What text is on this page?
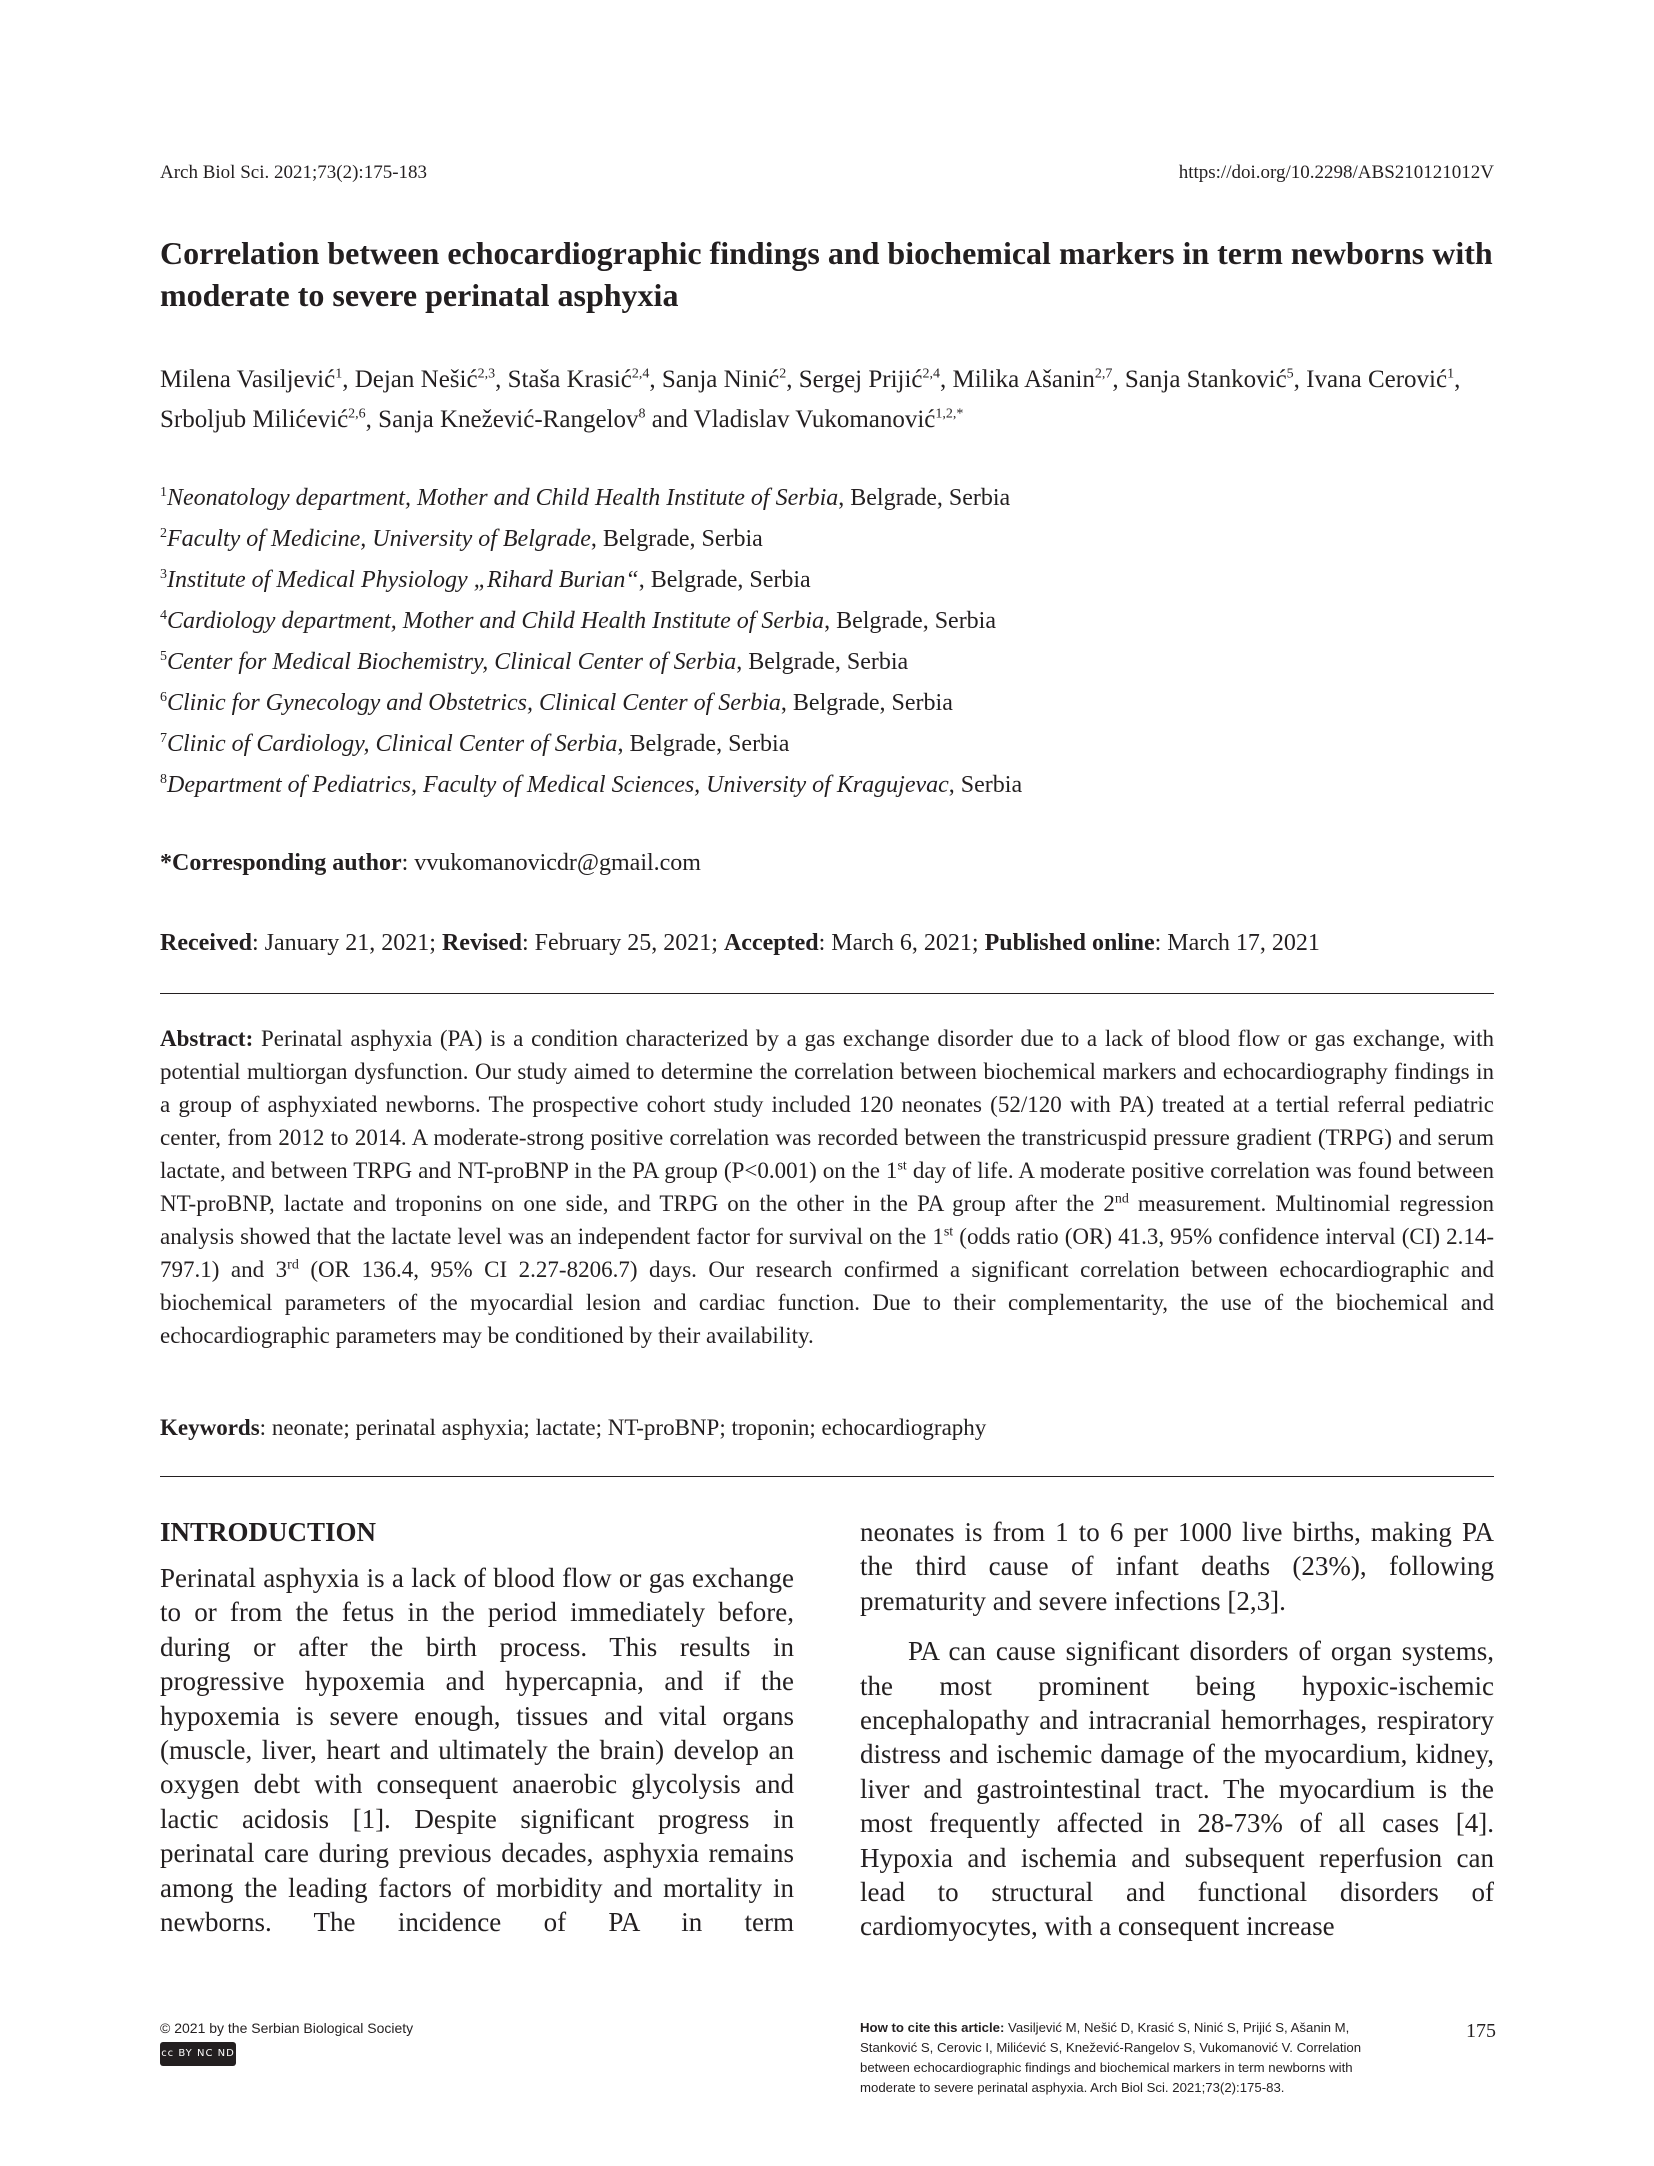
Arch Biol Sci. 2021;73(2):175-183	https://doi.org/10.2298/ABS210121012V
Correlation between echocardiographic findings and biochemical markers in term newborns with moderate to severe perinatal asphyxia
Milena Vasiljević$^1$, Dejan Nešić$^{2,3}$, Staša Krasić$^{2,4}$, Sanja Ninić$^2$, Sergej Prijić$^{2,4}$, Milika Ašanin$^{2,7}$, Sanja Stanković$^5$, Ivana Cerović$^1$, Srboljub Milićević$^{2,6}$, Sanja Knežević-Rangelov$^8$ and Vladislav Vukomanović$^{1,2,*}$
$^1$Neonatology department, Mother and Child Health Institute of Serbia, Belgrade, Serbia
$^2$Faculty of Medicine, University of Belgrade, Belgrade, Serbia
$^3$Institute of Medical Physiology „Rihard Burian“, Belgrade, Serbia
$^4$Cardiology department, Mother and Child Health Institute of Serbia, Belgrade, Serbia
$^5$Center for Medical Biochemistry, Clinical Center of Serbia, Belgrade, Serbia
$^6$Clinic for Gynecology and Obstetrics, Clinical Center of Serbia, Belgrade, Serbia
$^7$Clinic of Cardiology, Clinical Center of Serbia, Belgrade, Serbia
$^8$Department of Pediatrics, Faculty of Medical Sciences, University of Kragujevac, Serbia
*Corresponding author: vvukomanovicdr@gmail.com
Received: January 21, 2021; Revised: February 25, 2021; Accepted: March 6, 2021; Published online: March 17, 2021
Abstract: Perinatal asphyxia (PA) is a condition characterized by a gas exchange disorder due to a lack of blood flow or gas exchange, with potential multiorgan dysfunction. Our study aimed to determine the correlation between biochemical markers and echocardiography findings in a group of asphyxiated newborns. The prospective cohort study included 120 neonates (52/120 with PA) treated at a tertial referral pediatric center, from 2012 to 2014. A moderate-strong positive correlation was recorded between the transtricuspid pressure gradient (TRPG) and serum lactate, and between TRPG and NT-proBNP in the PA group (P<0.001) on the 1st day of life. A moderate positive correlation was found between NT-proBNP, lactate and troponins on one side, and TRPG on the other in the PA group after the 2nd measurement. Multinomial regression analysis showed that the lactate level was an independent factor for survival on the 1st (odds ratio (OR) 41.3, 95% confidence interval (CI) 2.14-797.1) and 3rd (OR 136.4, 95% CI 2.27-8206.7) days. Our research confirmed a significant correlation between echocardiographic and biochemical parameters of the myocardial lesion and cardiac function. Due to their complementarity, the use of the biochemical and echocardiographic parameters may be conditioned by their availability.
Keywords: neonate; perinatal asphyxia; lactate; NT-proBNP; troponin; echocardiography
INTRODUCTION
Perinatal asphyxia is a lack of blood flow or gas exchange to or from the fetus in the period immediately before, during or after the birth process. This results in progressive hypoxemia and hypercapnia, and if the hypoxemia is severe enough, tissues and vital organs (muscle, liver, heart and ultimately the brain) develop an oxygen debt with consequent anaerobic glycolysis and lactic acidosis [1]. Despite significant progress in perinatal care during previous decades, asphyxia remains among the leading factors of morbidity and mortality in newborns. The incidence of PA in term
neonates is from 1 to 6 per 1000 live births, making PA the third cause of infant deaths (23%), following prematurity and severe infections [2,3].

PA can cause significant disorders of organ systems, the most prominent being hypoxic-ischemic encephalopathy and intracranial hemorrhages, respiratory distress and ischemic damage of the myocardium, kidney, liver and gastrointestinal tract. The myocardium is the most frequently affected in 28-73% of all cases [4]. Hypoxia and ischemia and subsequent reperfusion can lead to structural and functional disorders of cardiomyocytes, with a consequent increase

© 2021 by the Serbian Biological Society
cc BY NC ND
How to cite this article: Vasiljević M, Nešić D, Krasić S, Ninić S, Prijić S, Ašanin M, Stanković S, Cerovic I, Milićević S, Knežević-Rangelov S, Vukomanović V. Correlation between echocardiographic findings and biochemical markers in term newborns with moderate to severe perinatal asphyxia. Arch Biol Sci. 2021;73(2):175-83.
175
